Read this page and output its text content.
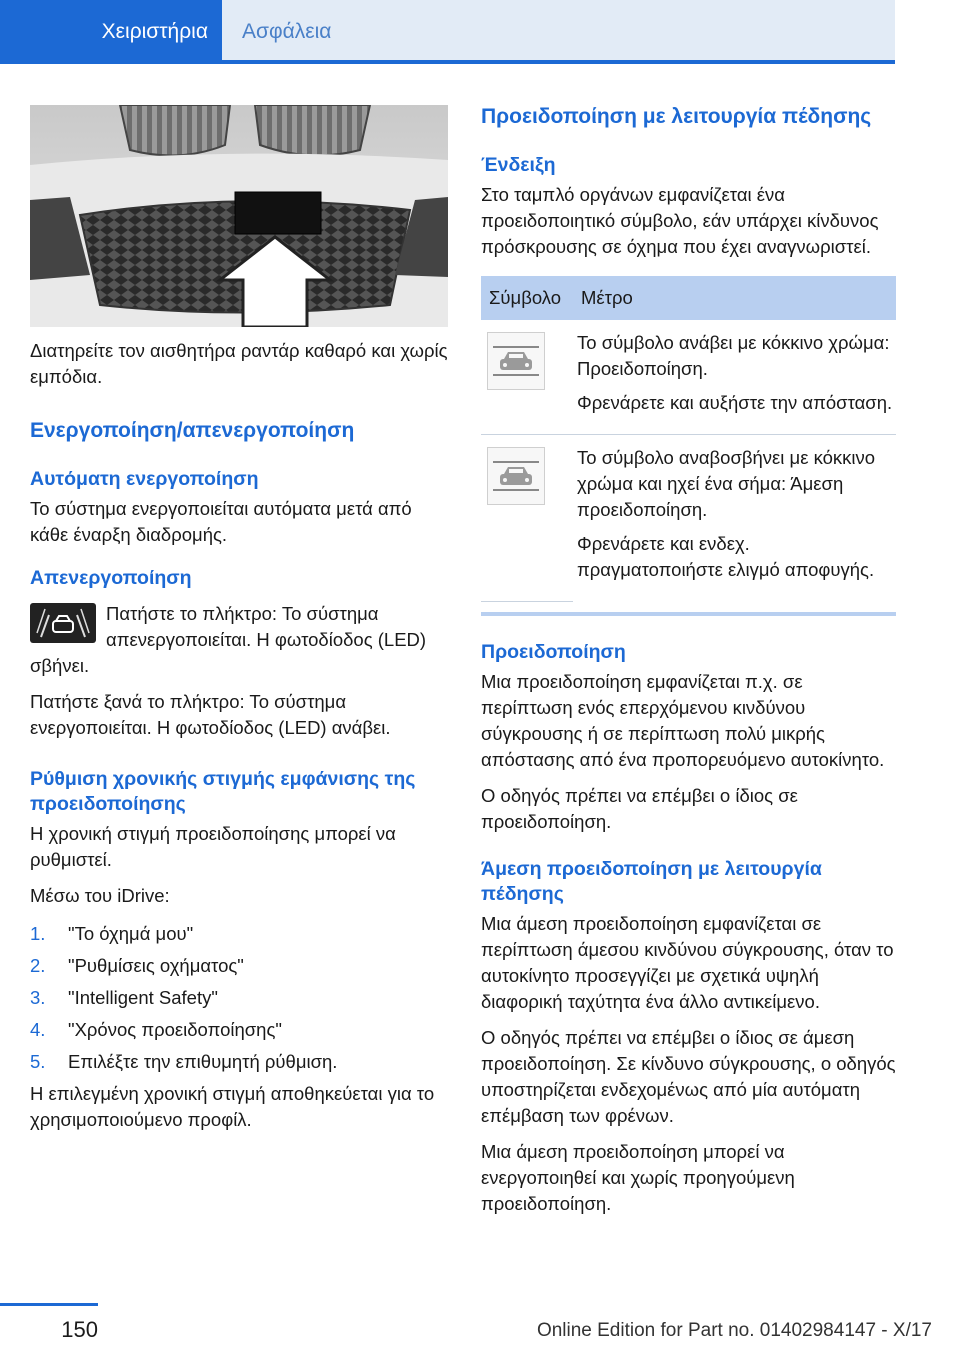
Χειριστήρια	Ασφάλεια

Διατηρείτε τον αισθητήρα ραντάρ καθαρό και χωρίς εμπόδια.

Ενεργοποίηση/απενεργοποίηση
Αυτόματη ενεργοποίηση

Το σύστημα ενεργοποιείται αυτόματα μετά από κάθε έναρξη διαδρομής.

Απενεργοποίηση

Πατήστε το πλήκτρο: Το σύστημα απενεργοποιείται. Η φωτοδίοδος (LED) σβήνει.

Πατήστε ξανά το πλήκτρο: Το σύστημα ενεργοποιείται. Η φωτοδίοδος (LED) ανάβει.

Ρύθμιση χρονικής στιγμής εμφάνισης της προειδοποίησης

Η χρονική στιγμή προειδοποίησης μπορεί να ρυθμιστεί.

Μέσω του iDrive:

1.	"Το όχημά μου"
2.	"Ρυθμίσεις οχήματος"
3.	"Intelligent Safety"
4.	"Χρόνος προειδοποίησης"
5.	Επιλέξτε την επιθυμητή ρύθμιση.

Η επιλεγμένη χρονική στιγμή αποθηκεύεται για το χρησιμοποιούμενο προφίλ.

Προειδοποίηση με λειτουργία πέδησης
Ένδειξη

Στο ταμπλό οργάνων εμφανίζεται ένα προειδοποιητικό σύμβολο, εάν υπάρχει κίνδυνος πρόσκρουσης σε όχημα που έχει αναγνωριστεί.

Σύμβολο	Μέτρο

Το σύμβολο ανάβει με κόκκινο χρώμα: Προειδοποίηση.

Φρενάρετε και αυξήστε την απόσταση.

Το σύμβολο αναβοσβήνει με κόκκινο χρώμα και ηχεί ένα σήμα: Άμεση προειδοποίηση.

Φρενάρετε και ενδεχ. πραγματοποιήστε ελιγμό αποφυγής.

Προειδοποίηση

Μια προειδοποίηση εμφανίζεται π.χ. σε περίπτωση ενός επερχόμενου κινδύνου σύγκρουσης ή σε περίπτωση πολύ μικρής απόστασης από ένα προπορευόμενο αυτοκίνητο.

Ο οδηγός πρέπει να επέμβει ο ίδιος σε προειδοποίηση.

Άμεση προειδοποίηση με λειτουργία πέδησης

Μια άμεση προειδοποίηση εμφανίζεται σε περίπτωση άμεσου κινδύνου σύγκρουσης, όταν το αυτοκίνητο προσεγγίζει με σχετικά υψηλή διαφορική ταχύτητα ένα άλλο αντικείμενο.

Ο οδηγός πρέπει να επέμβει ο ίδιος σε άμεση προειδοποίηση. Σε κίνδυνο σύγκρουσης, ο οδηγός υποστηρίζεται ενδεχομένως από μία αυτόματη επέμβαση των φρένων.

Μια άμεση προειδοποίηση μπορεί να ενεργοποιηθεί και χωρίς προηγούμενη προειδοποίηση.

150	Online Edition for Part no. 01402984147 - X/17
